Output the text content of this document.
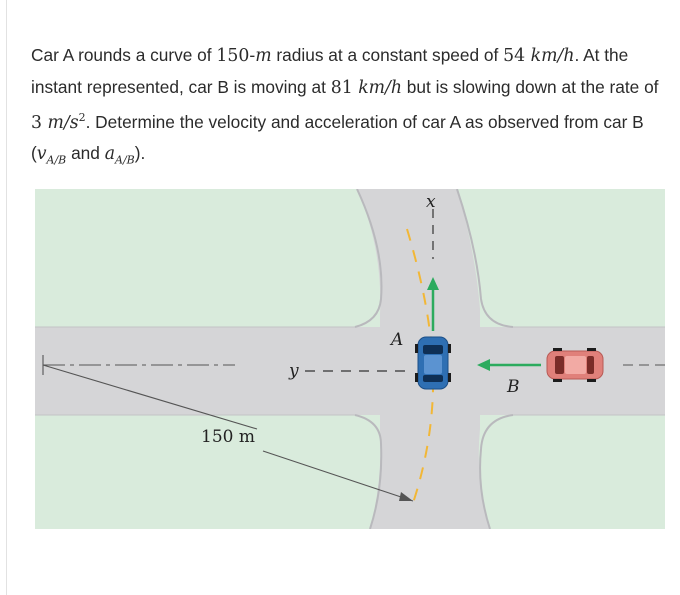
Car A rounds a curve of 150-m radius at a constant speed of 54 km/h. At the instant represented, car B is moving at 81 km/h but is slowing down at the rate of 3 $m/s^2$. Determine the velocity and acceleration of car A as observed from car B ($v_{A/B}$ and $a_{A/B}$).
x
y
A
B
150 m
